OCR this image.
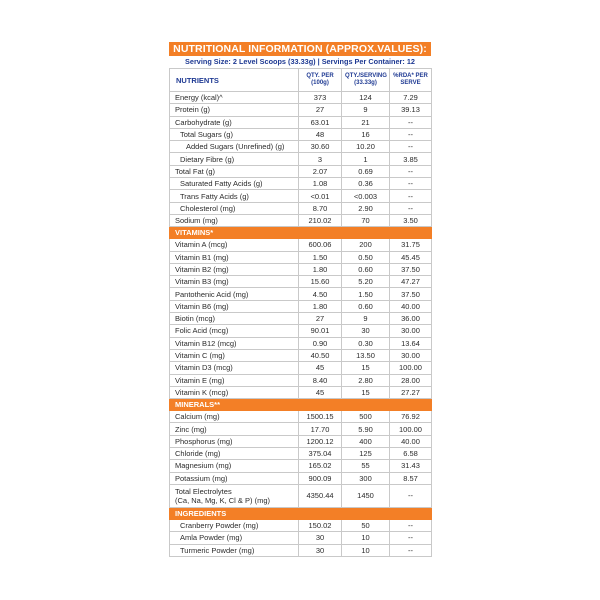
NUTRITIONAL INFORMATION (APPROX.VALUES):
Serving Size: 2 Level Scoops (33.33g) | Servings Per Container: 12
NUTRIENTS	QTY. PER (100g)	QTY./SERVING (33.33g)	%RDA* PER SERVE
Energy (kcal)^	373	124	7.29
Protein (g)	27	9	39.13
Carbohydrate (g)	63.01	21	--
Total Sugars (g)	48	16	--
Added Sugars (Unrefined) (g)	30.60	10.20	--
Dietary Fibre (g)	3	1	3.85
Total Fat (g)	2.07	0.69	--
Saturated Fatty Acids (g)	1.08	0.36	--
Trans Fatty Acids (g)	<0.01	<0.003	--
Cholesterol (mg)	8.70	2.90	--
Sodium (mg)	210.02	70	3.50
VITAMINS*			
Vitamin A (mcg)	600.06	200	31.75
Vitamin B1 (mg)	1.50	0.50	45.45
Vitamin B2 (mg)	1.80	0.60	37.50
Vitamin B3 (mg)	15.60	5.20	47.27
Pantothenic Acid (mg)	4.50	1.50	37.50
Vitamin B6 (mg)	1.80	0.60	40.00
Biotin (mcg)	27	9	36.00
Folic Acid (mcg)	90.01	30	30.00
Vitamin B12 (mcg)	0.90	0.30	13.64
Vitamin C (mg)	40.50	13.50	30.00
Vitamin D3 (mcg)	45	15	100.00
Vitamin E (mg)	8.40	2.80	28.00
Vitamin K (mcg)	45	15	27.27
MINERALS**			
Calcium (mg)	1500.15	500	76.92
Zinc (mg)	17.70	5.90	100.00
Phosphorus (mg)	1200.12	400	40.00
Chloride (mg)	375.04	125	6.58
Magnesium (mg)	165.02	55	31.43
Potassium (mg)	900.09	300	8.57

Total Electrolytes
(Ca, Na, Mg, K, Cl & P) (mg)	4350.44	1450	--
INGREDIENTS			
Cranberry Powder (mg)	150.02	50	--
Amla Powder (mg)	30	10	--
Turmeric Powder (mg)	30	10	--
